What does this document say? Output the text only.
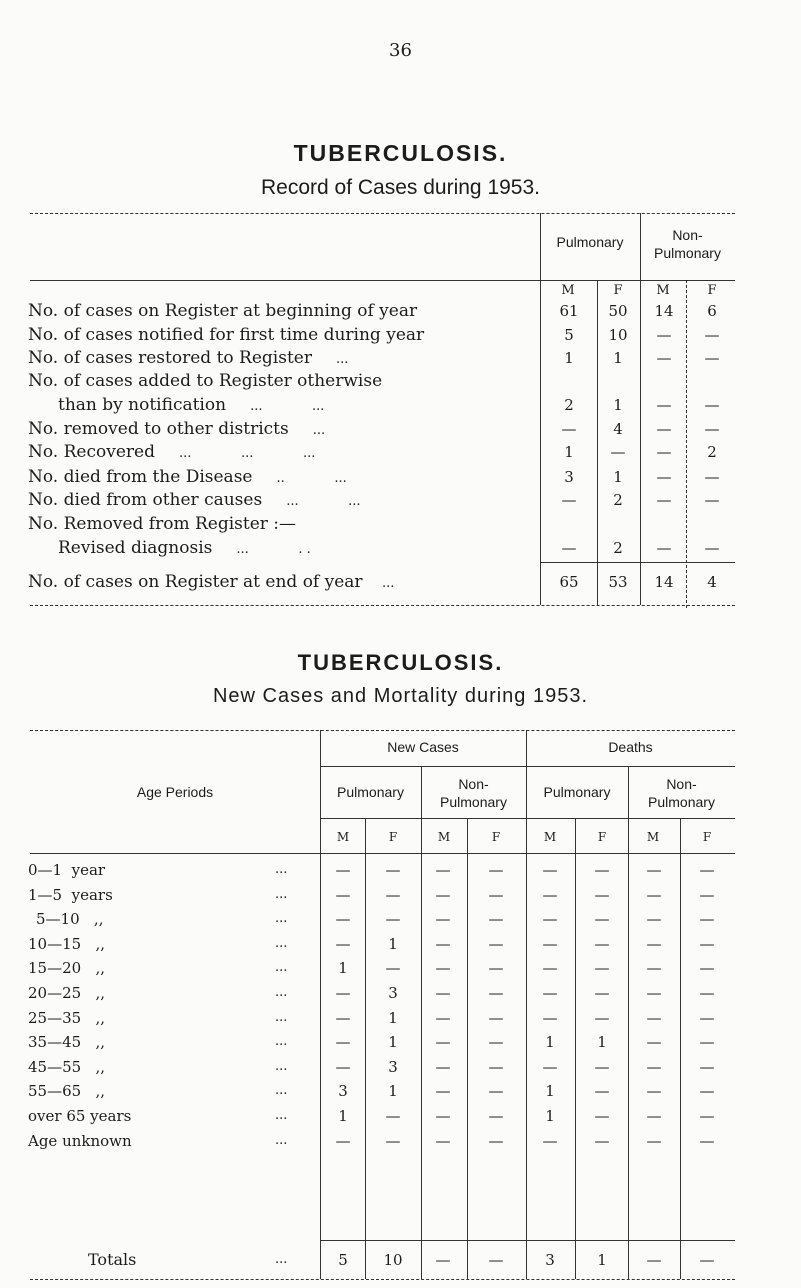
36
TUBERCULOSIS.
Record of Cases during 1953.
Pulmonary	Non-
Pulmonary
M	F	M	F
No. of cases on Register at beginning of year	61	50	14	6
No. of cases notified for first time during year	5	10	—	—
No. of cases restored to Register ...	1	1	—	—
No. of cases added to Register otherwise
than by notification ...            ...	2	1	—	—
No. removed to other districts ...	—	4	—	—
No. Recovered ...            ...            ...	1	—	—	2
No. died from the Disease ..            ...	3	1	—	—
No. died from other causes ...            ...	—	2	—	—
No. Removed from Register :—
Revised diagnosis ...            . .	—	2	—	—
No. of cases on Register at end of year ...	65	53	14	4
TUBERCULOSIS.
New Cases and Mortality during 1953.
Age Periods
New Cases	Deaths
Pulmonary	Non-
Pulmonary
Pulmonary	Non-
Pulmonary
M	F	M	F	M	F	M	F
0—1  year	...	—	—	—	—	—	—	—	—
1—5  years	...	—	—	—	—	—	—	—	—
5—10   ,,	...	—	—	—	—	—	—	—	—
10—15   ,,	...	—	1	—	—	—	—	—	—
15—20   ,,	...	1	—	—	—	—	—	—	—
20—25   ,,	...	—	3	—	—	—	—	—	—
25—35   ,,	...	—	1	—	—	—	—	—	—
35—45   ,,	...	—	1	—	—	1	1	—	—
45—55   ,,	...	—	3	—	—	—	—	—	—
55—65   ,,	...	3	1	—	—	1	—	—	—
over 65 years	...	1	—	—	—	1	—	—	—
Age unknown	...	—	—	—	—	—	—	—	—
Totals	...	5	10	—	—	3	1	—	—
